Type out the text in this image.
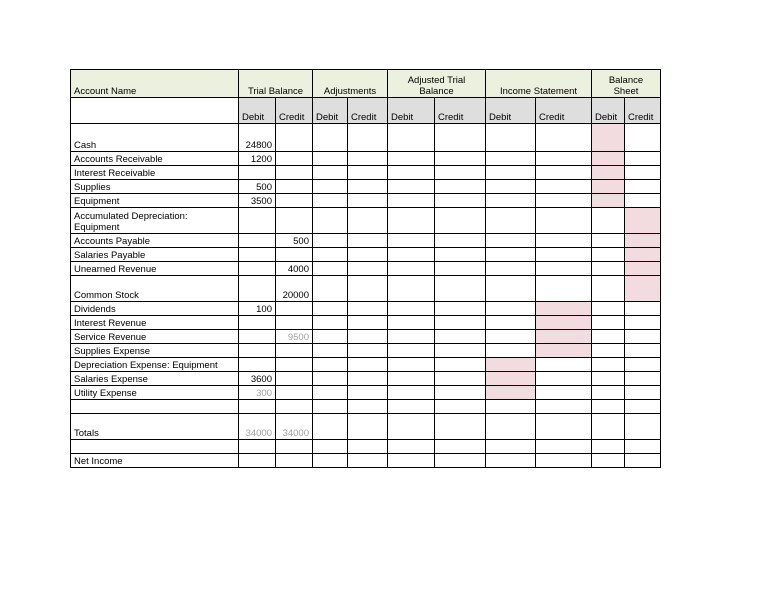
Account Name	Trial Balance		Adjustments		Adjusted Trial Balance		Income Statement		Balance Sheet	
	Debit	Credit	Debit	Credit	Debit	Credit	Debit	Credit	Debit	Credit
Cash	24800									
Accounts Receivable	1200									
Interest Receivable										
Supplies	500									
Equipment	3500									
Accumulated Depreciation: Equipment										
Accounts Payable		500								
Salaries Payable										
Unearned Revenue		4000								
Common Stock		20000								
Dividends	100									
Interest Revenue										
Service Revenue		9500								
Supplies Expense										
Depreciation Expense: Equipment										
Salaries Expense	3600									
Utility Expense	300									

Totals	34000	34000								

Net Income										
